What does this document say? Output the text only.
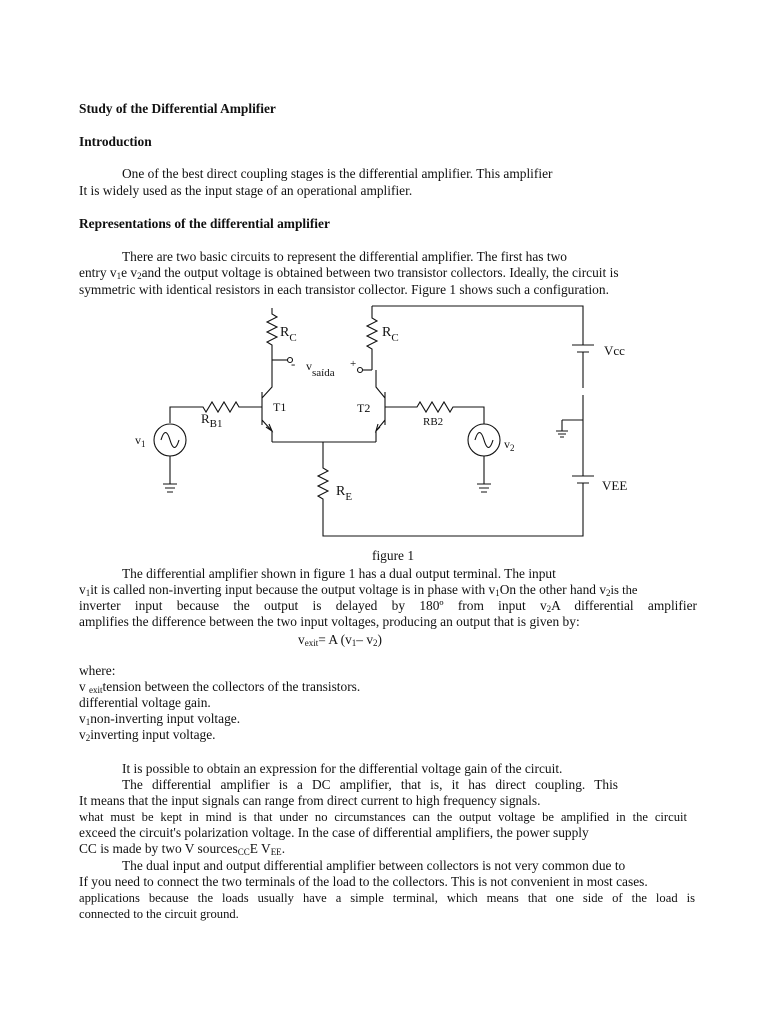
Study of the Differential Amplifier
Introduction
One of the best direct coupling stages is the differential amplifier. This amplifier
It is widely used as the input stage of an operational amplifier.
Representations of the differential amplifier
There are two basic circuits to represent the differential amplifier. The first has two
entry $v_1e$ $v_2and$ the output voltage is obtained between two transistor collectors. Ideally, the circuit is
symmetric with identical resistors in each transistor collector. Figure 1 shows such a configuration.
$R_C$	$R_C$
-	+
vsaída
T1	T2
$R_{B1}$	RB2
$v_1$	$v_2$
$R_E$
Vcc
VEE
figure 1
The differential amplifier shown in figure 1 has a dual output terminal. The input
$v_1it$ is called non-inverting input because the output voltage is in phase with $v_1On$ the other hand $v_2is$ the
inverter input because the output is delayed by 180º from input $v_2A$ differential amplifier
amplifies the difference between the two input voltages, producing an output that is given by:
$v_{exit}= A$ ($v_1-$ $v_2$)
where:
v $_{exit}$tension between the collectors of the transistors.
differential voltage gain.
$v_1non$-inverting input voltage.
$v_2inverting$ input voltage.
It is possible to obtain an expression for the differential voltage gain of the circuit.
The differential amplifier is a DC amplifier, that is, it has direct coupling. This
It means that the input signals can range from direct current to high frequency signals.
what must be kept in mind is that under no circumstances can the output voltage be amplified in the circuit
exceed the circuit's polarization voltage. In the case of differential amplifiers, the power supply
CC is made by two V sources$_{CC}$E $V_{EE}$.
The dual input and output differential amplifier between collectors is not very common due to
If you need to connect the two terminals of the load to the collectors. This is not convenient in most cases.
applications because the loads usually have a simple terminal, which means that one side of the load is
connected to the circuit ground.
